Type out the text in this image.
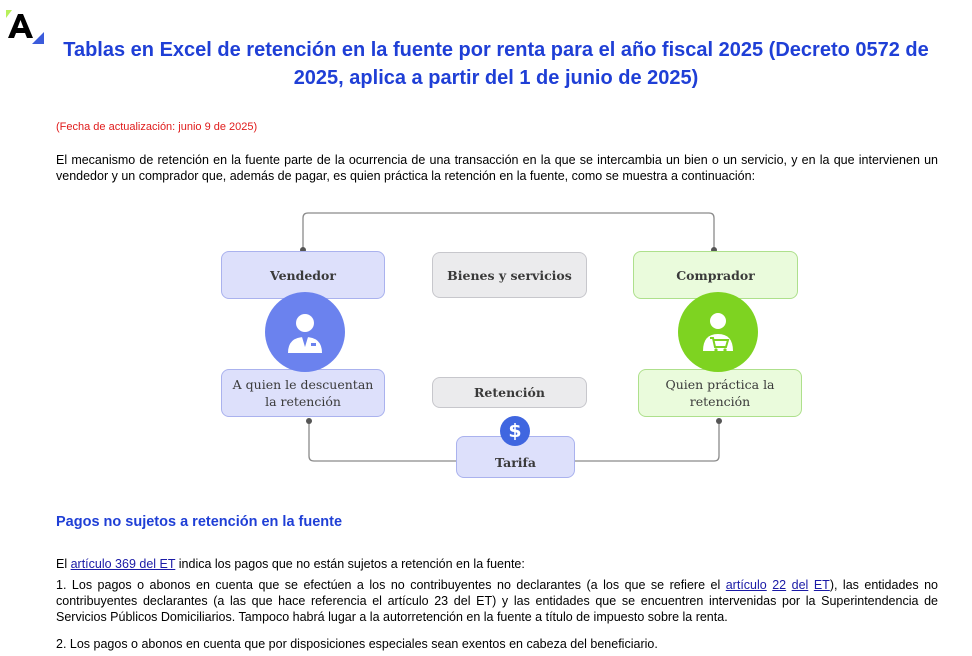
Tablas en Excel de retención en la fuente por renta para el año fiscal 2025 (Decreto 0572 de 2025, aplica a partir del 1 de junio de 2025)
(Fecha de actualización: junio 9 de 2025)

El mecanismo de retención en la fuente parte de la ocurrencia de una transacción en la que se intercambia un bien o un servicio, y en la que intervienen un vendedor y un comprador que, además de pagar, es quien práctica la retención en la fuente, como se muestra a continuación:

Vendedor	Bienes y servicios	Comprador
A quien le descuentan
la retención
Retención
Quien práctica la
retención
Tarifa
$
Pagos no sujetos a retención en la fuente

El artículo 369 del ET indica los pagos que no están sujetos a retención en la fuente:

1. Los pagos o abonos en cuenta que se efectúen a los no contribuyentes no declarantes (a los que se refiere el artículo 22 del ET), las entidades no contribuyentes declarantes (a las que hace referencia el artículo 23 del ET) y las entidades que se encuentren intervenidas por la Superintendencia de Servicios Públicos Domiciliarios. Tampoco habrá lugar a la autorretención en la fuente a título de impuesto sobre la renta.

2. Los pagos o abonos en cuenta que por disposiciones especiales sean exentos en cabeza del beneficiario.
